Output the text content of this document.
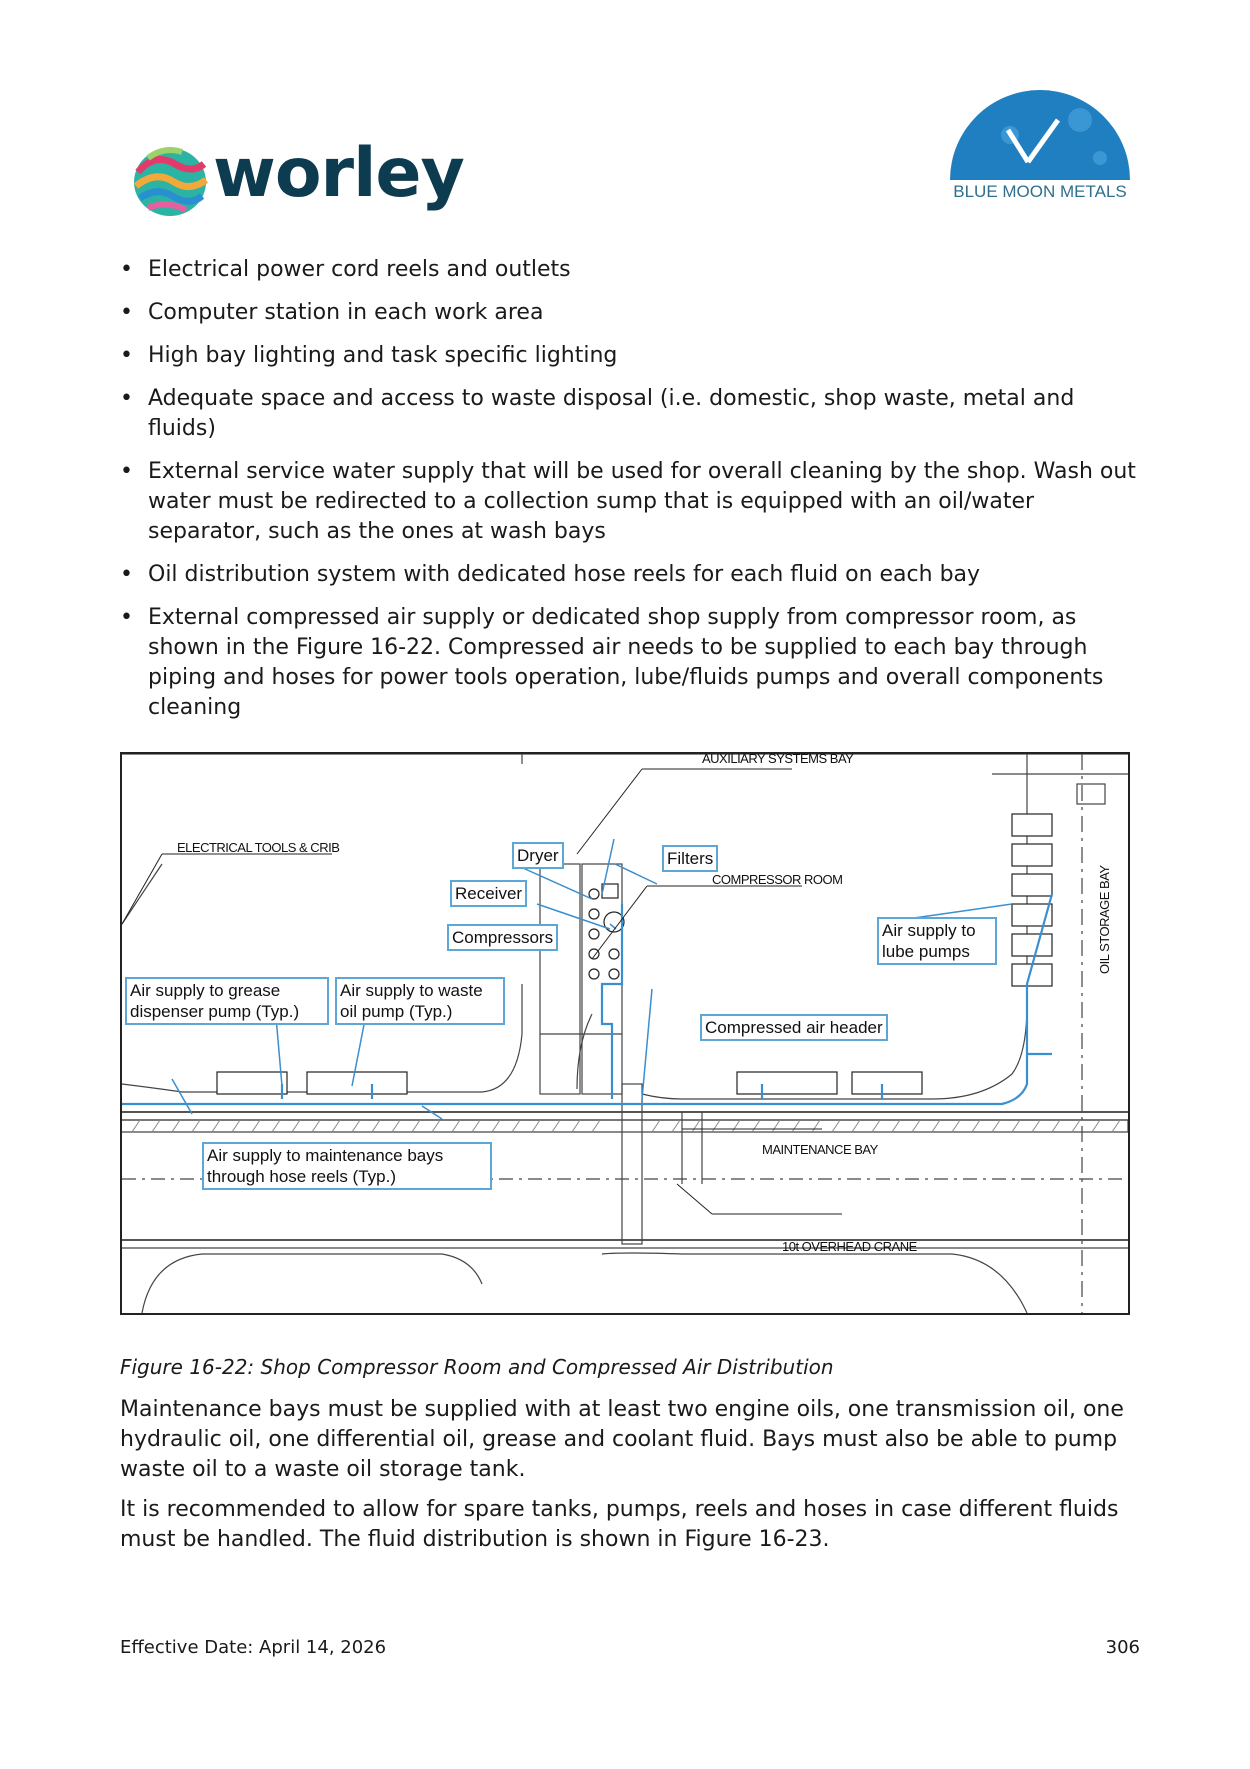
worley	BLUE MOON METALS
• Electrical power cord reels and outlets
• Computer station in each work area
• High bay lighting and task specific lighting
• Adequate space and access to waste disposal (i.e. domestic, shop waste, metal and fluids)
• External service water supply that will be used for overall cleaning by the shop. Wash out water must be redirected to a collection sump that is equipped with an oil/water separator, such as the ones at wash bays
• Oil distribution system with dedicated hose reels for each fluid on each bay
• External compressed air supply or dedicated shop supply from compressor room, as shown in the Figure 16-22. Compressed air needs to be supplied to each bay through piping and hoses for power tools operation, lube/fluids pumps and overall components cleaning
AUXILIARY SYSTEMS BAY
ELECTRICAL TOOLS & CRIB
COMPRESSOR ROOM	OIL STORAGE BAY
MAINTENANCE BAY
10t OVERHEAD CRANE
Dryer	Filters
Receiver
Compressors	Air supply to lube pumps
Air supply to grease dispenser pump (Typ.)
Air supply to waste oil pump (Typ.)
Compressed air header
Air supply to maintenance bays through hose reels (Typ.)
Figure 16-22: Shop Compressor Room and Compressed Air Distribution

Maintenance bays must be supplied with at least two engine oils, one transmission oil, one hydraulic oil, one differential oil, grease and coolant fluid. Bays must also be able to pump waste oil to a waste oil storage tank.

It is recommended to allow for spare tanks, pumps, reels and hoses in case different fluids must be handled. The fluid distribution is shown in Figure 16-23.

Effective Date: April 14, 2026	306
